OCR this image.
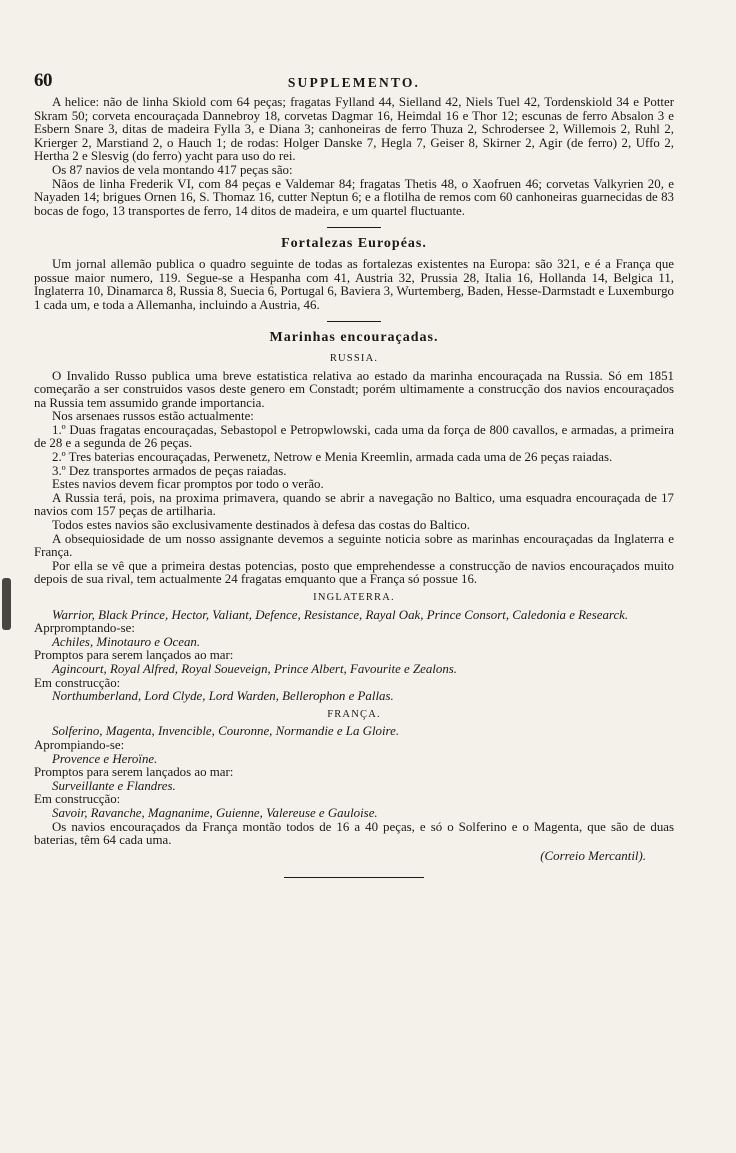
60	SUPPLEMENTO.

A helice: não de linha Skiold com 64 peças; fragatas Fylland 44, Sielland 42, Niels Tuel 42, Tordenskiold 34 e Potter Skram 50; corveta encouraçada Dannebroy 18, corvetas Dagmar 16, Heimdal 16 e Thor 12; escunas de ferro Absalon 3 e Esbern Snare 3, ditas de madeira Fylla 3, e Diana 3; canhoneiras de ferro Thuza 2, Schrodersee 2, Willemois 2, Ruhl 2, Krierger 2, Marstiand 2, o Hauch 1; de rodas: Holger Danske 7, Hegla 7, Geiser 8, Skirner 2, Agir (de ferro) 2, Uffo 2, Hertha 2 e Slesvig (do ferro) yacht para uso do rei.

Os 87 navios de vela montando 417 peças são:

Nãos de linha Frederik VI, com 84 peças e Valdemar 84; fragatas Thetis 48, o Xaofruen 46; corvetas Valkyrien 20, e Nayaden 14; brigues Ornen 16, S. Thomaz 16, cutter Neptun 6; e a flotilha de remos com 60 canhoneiras guarnecidas de 83 bocas de fogo, 13 transportes de ferro, 14 ditos de madeira, e um quartel fluctuante.

Fortalezas Européas.

Um jornal allemão publica o quadro seguinte de todas as fortalezas existentes na Europa: são 321, e é a França que possue maior numero, 119. Segue-se a Hespanha com 41, Austria 32, Prussia 28, Italia 16, Hollanda 14, Belgica 11, Inglaterra 10, Dinamarca 8, Russia 8, Suecia 6, Portugal 6, Baviera 3, Wurtemberg, Baden, Hesse-Darmstadt e Luxemburgo 1 cada um, e toda a Allemanha, incluindo a Austria, 46.

Marinhas encouraçadas.
RUSSIA.

O Invalido Russo publica uma breve estatistica relativa ao estado da marinha encouraçada na Russia. Só em 1851 começarão a ser construidos vasos deste genero em Constadt; porém ultimamente a construcção dos navios encouraçados na Russia tem assumido grande importancia.

Nos arsenaes russos estão actualmente:

1.º Duas fragatas encouraçadas, Sebastopol e Petropwlowski, cada uma da força de 800 cavallos, e armadas, a primeira de 28 e a segunda de 26 peças.

2.º Tres baterias encouraçadas, Perwenetz, Netrow e Menia Kreemlin, armada cada uma de 26 peças raiadas.

3.º Dez transportes armados de peças raiadas.

Estes navios devem ficar promptos por todo o verão.

A Russia terá, pois, na proxima primavera, quando se abrir a navegação no Baltico, uma esquadra encouraçada de 17 navios com 157 peças de artilharia.

Todos estes navios são exclusivamente destinados à defesa das costas do Baltico.

A obsequiosidade de um nosso assignante devemos a seguinte noticia sobre as marinhas encouraçadas da Inglaterra e França.

Por ella se vê que a primeira destas potencias, posto que emprehendesse a construcção de navios encouraçados muito depois de sua rival, tem actualmente 24 fragatas emquanto que a França só possue 16.

INGLATERRA.

Warrior, Black Prince, Hector, Valiant, Defence, Resistance, Rayal Oak, Prince Consort, Caledonia e Researck.

Aprpromptando-se:

Achiles, Minotauro e Ocean.

Promptos para serem lançados ao mar:

Agincourt, Royal Alfred, Royal Soueveign, Prince Albert, Favourite e Zealons.

Em construcção:

Northumberland, Lord Clyde, Lord Warden, Bellerophon e Pallas.

FRANÇA.

Solferino, Magenta, Invencible, Couronne, Normandie e La Gloire.

Aprompiando-se:

Provence e Heroïne.

Promptos para serem lançados ao mar:

Surveillante e Flandres.

Em construcção:

Savoir, Ravanche, Magnanime, Guienne, Valereuse e Gauloise.

Os navios encouraçados da França montão todos de 16 a 40 peças, e só o Solferino e o Magenta, que são de duas baterias, têm 64 cada uma.

(Correio Mercantil).
